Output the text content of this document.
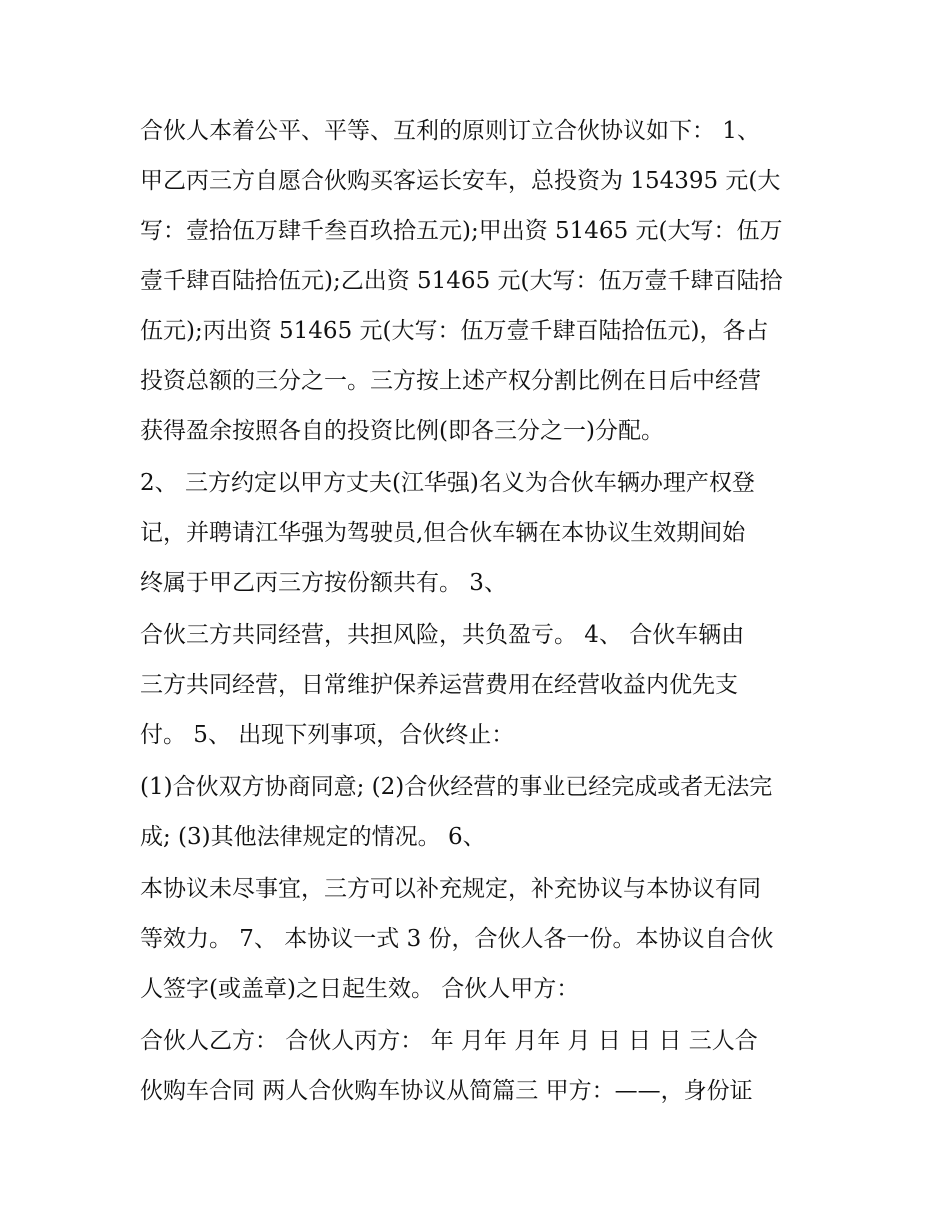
合伙人本着公平、平等、互利的原则订立合伙协议如下： 1、
甲乙丙三方自愿合伙购买客运长安车，总投资为 154395 元(大
写：壹拾伍万肆千叁百玖拾五元);甲出资 51465 元(大写：伍万
壹千肆百陆拾伍元);乙出资 51465 元(大写：伍万壹千肆百陆拾
伍元);丙出资 51465 元(大写：伍万壹千肆百陆拾伍元)，各占
投资总额的三分之一。三方按上述产权分割比例在日后中经营
获得盈余按照各自的投资比例(即各三分之一)分配。
2、 三方约定以甲方丈夫(江华强)名义为合伙车辆办理产权登
记，并聘请江华强为驾驶员,但合伙车辆在本协议生效期间始
终属于甲乙丙三方按份额共有。 3、
合伙三方共同经营，共担风险，共负盈亏。 4、 合伙车辆由
三方共同经营，日常维护保养运营费用在经营收益内优先支
付。 5、 出现下列事项，合伙终止：
(1)合伙双方协商同意; (2)合伙经营的事业已经完成或者无法完
成; (3)其他法律规定的情况。 6、
本协议未尽事宜，三方可以补充规定，补充协议与本协议有同
等效力。 7、 本协议一式 3 份，合伙人各一份。本协议自合伙
人签字(或盖章)之日起生效。 合伙人甲方：
合伙人乙方： 合伙人丙方： 年 月年 月年 月 日 日 日 三人合
伙购车合同 两人合伙购车协议从简篇三 甲方：——，身份证
